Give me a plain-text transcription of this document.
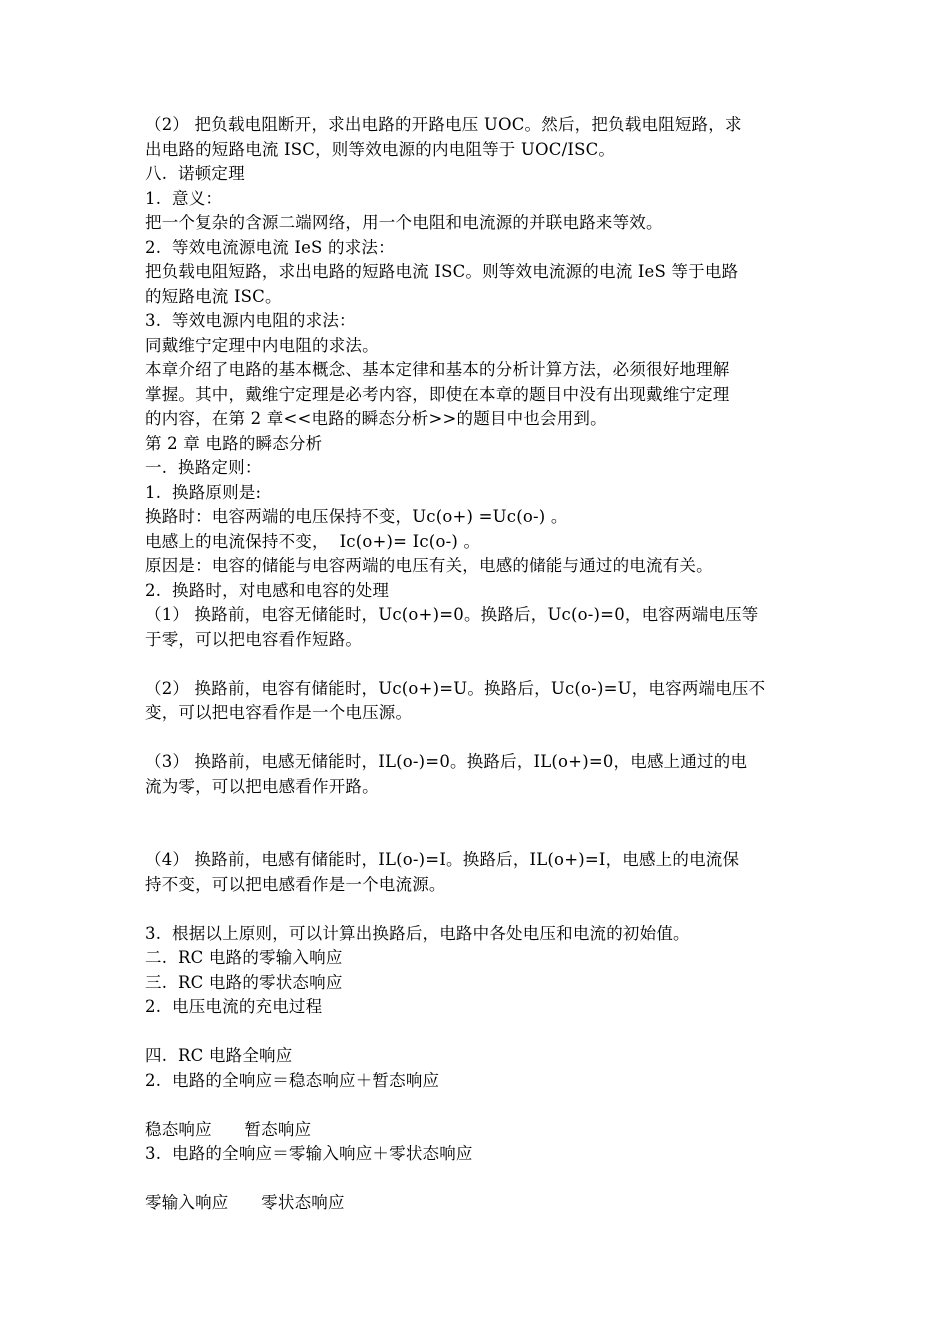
（2） 把负载电阻断开，求出电路的开路电压 UOC。然后，把负载电阻短路，求
出电路的短路电流 ISC，则等效电源的内电阻等于 UOC/ISC。
八.  诺顿定理
1.  意义：
把一个复杂的含源二端网络，用一个电阻和电流源的并联电路来等效。
2.  等效电流源电流 IeS 的求法：
把负载电阻短路，求出电路的短路电流 ISC。则等效电流源的电流 IeS 等于电路
的短路电流 ISC。
3.  等效电源内电阻的求法：
同戴维宁定理中内电阻的求法。
本章介绍了电路的基本概念、基本定律和基本的分析计算方法，必须很好地理解
掌握。其中，戴维宁定理是必考内容，即使在本章的题目中没有出现戴维宁定理
的内容，在第 2 章<<电路的瞬态分析>>的题目中也会用到。
第 2 章 电路的瞬态分析
一.  换路定则：
1.  换路原则是:
换路时：电容两端的电压保持不变，Uc(o+) =Uc(o-) 。
电感上的电流保持不变，  Ic(o+)= Ic(o-) 。
原因是：电容的储能与电容两端的电压有关，电感的储能与通过的电流有关。
2.  换路时，对电感和电容的处理
（1） 换路前，电容无储能时，Uc(o+)=0。换路后，Uc(o-)=0，电容两端电压等
于零，可以把电容看作短路。
（2） 换路前，电容有储能时，Uc(o+)=U。换路后，Uc(o-)=U，电容两端电压不
变，可以把电容看作是一个电压源。
（3） 换路前，电感无储能时，IL(o-)=0。换路后，IL(o+)=0，电感上通过的电
流为零，可以把电感看作开路。
（4） 换路前，电感有储能时，IL(o-)=I。换路后，IL(o+)=I，电感上的电流保
持不变，可以把电感看作是一个电流源。
3.  根据以上原则，可以计算出换路后，电路中各处电压和电流的初始值。
二.  RC 电路的零输入响应
三.  RC 电路的零状态响应
2.  电压电流的充电过程
四.  RC 电路全响应
2.  电路的全响应＝稳态响应＋暂态响应
稳态响应      暂态响应
3.  电路的全响应＝零输入响应＋零状态响应
零输入响应      零状态响应
